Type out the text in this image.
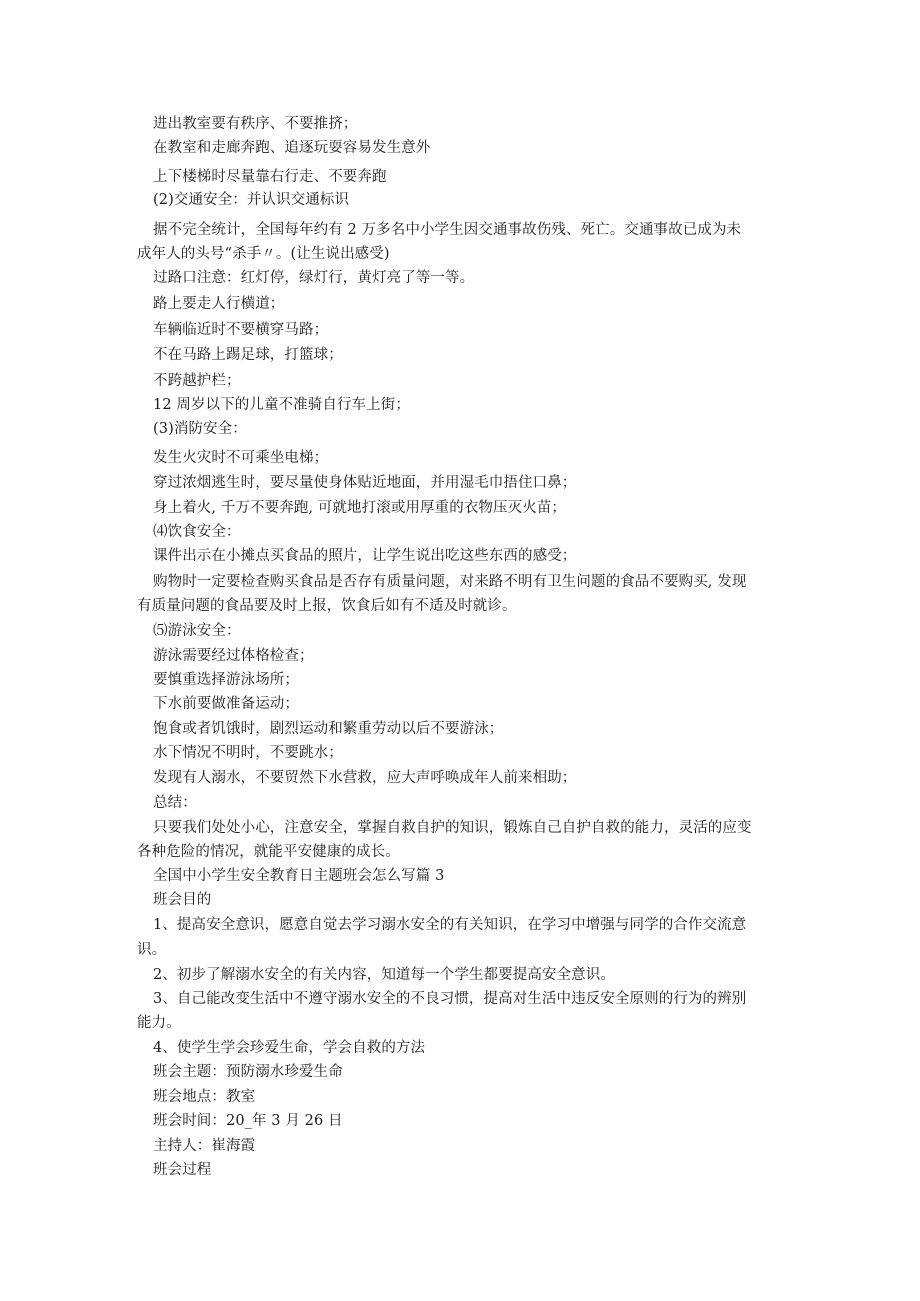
进出教室要有秩序、不要推挤；
在教室和走廊奔跑、追逐玩耍容易发生意外
上下楼梯时尽量靠右行走、不要奔跑
(2)交通安全：并认识交通标识
据不完全统计，全国每年约有 2 万多名中小学生因交通事故伤残、死亡。交通事故已成为未
成年人的头号“杀手〃。(让生说出感受)
过路口注意：红灯停，绿灯行，黄灯亮了等一等。
路上要走人行横道；
车辆临近时不要横穿马路；
不在马路上踢足球，打篮球；
不跨越护栏；
12 周岁以下的儿童不准骑自行车上街；
(3)消防安全：
发生火灾时不可乘坐电梯；
穿过浓烟逃生时，要尽量使身体贴近地面，并用湿毛巾捂住口鼻；
身上着火, 千万不要奔跑, 可就地打滚或用厚重的衣物压灭火苗；
⑷饮食安全：
课件出示在小摊点买食品的照片，让学生说出吃这些东西的感受；
购物时一定要检查购买食品是否存有质量问题，对来路不明有卫生问题的食品不要购买, 发现
有质量问题的食品要及时上报，饮食后如有不适及时就诊。
⑸游泳安全：
游泳需要经过体格检查；
要慎重选择游泳场所；
下水前要做准备运动；
饱食或者饥饿时，剧烈运动和繁重劳动以后不要游泳；
水下情况不明时，不要跳水；
发现有人溺水，不要贸然下水营救，应大声呼唤成年人前来相助；
总结：
只要我们处处小心，注意安全，掌握自救自护的知识，锻炼自己自护自救的能力，灵活的应变
各种危险的情况，就能平安健康的成长。
全国中小学生安全教育日主题班会怎么写篇 3
班会目的
1、提高安全意识，愿意自觉去学习溺水安全的有关知识，在学习中增强与同学的合作交流意
识。
2、初步了解溺水安全的有关内容，知道每一个学生都要提高安全意识。
3、自己能改变生活中不遵守溺水安全的不良习惯，提高对生活中违反安全原则的行为的辨别
能力。
4、使学生学会珍爱生命，学会自救的方法
班会主题：预防溺水珍爱生命
班会地点：教室
班会时间：20_年 3 月 26 日
主持人：崔海霞
班会过程
